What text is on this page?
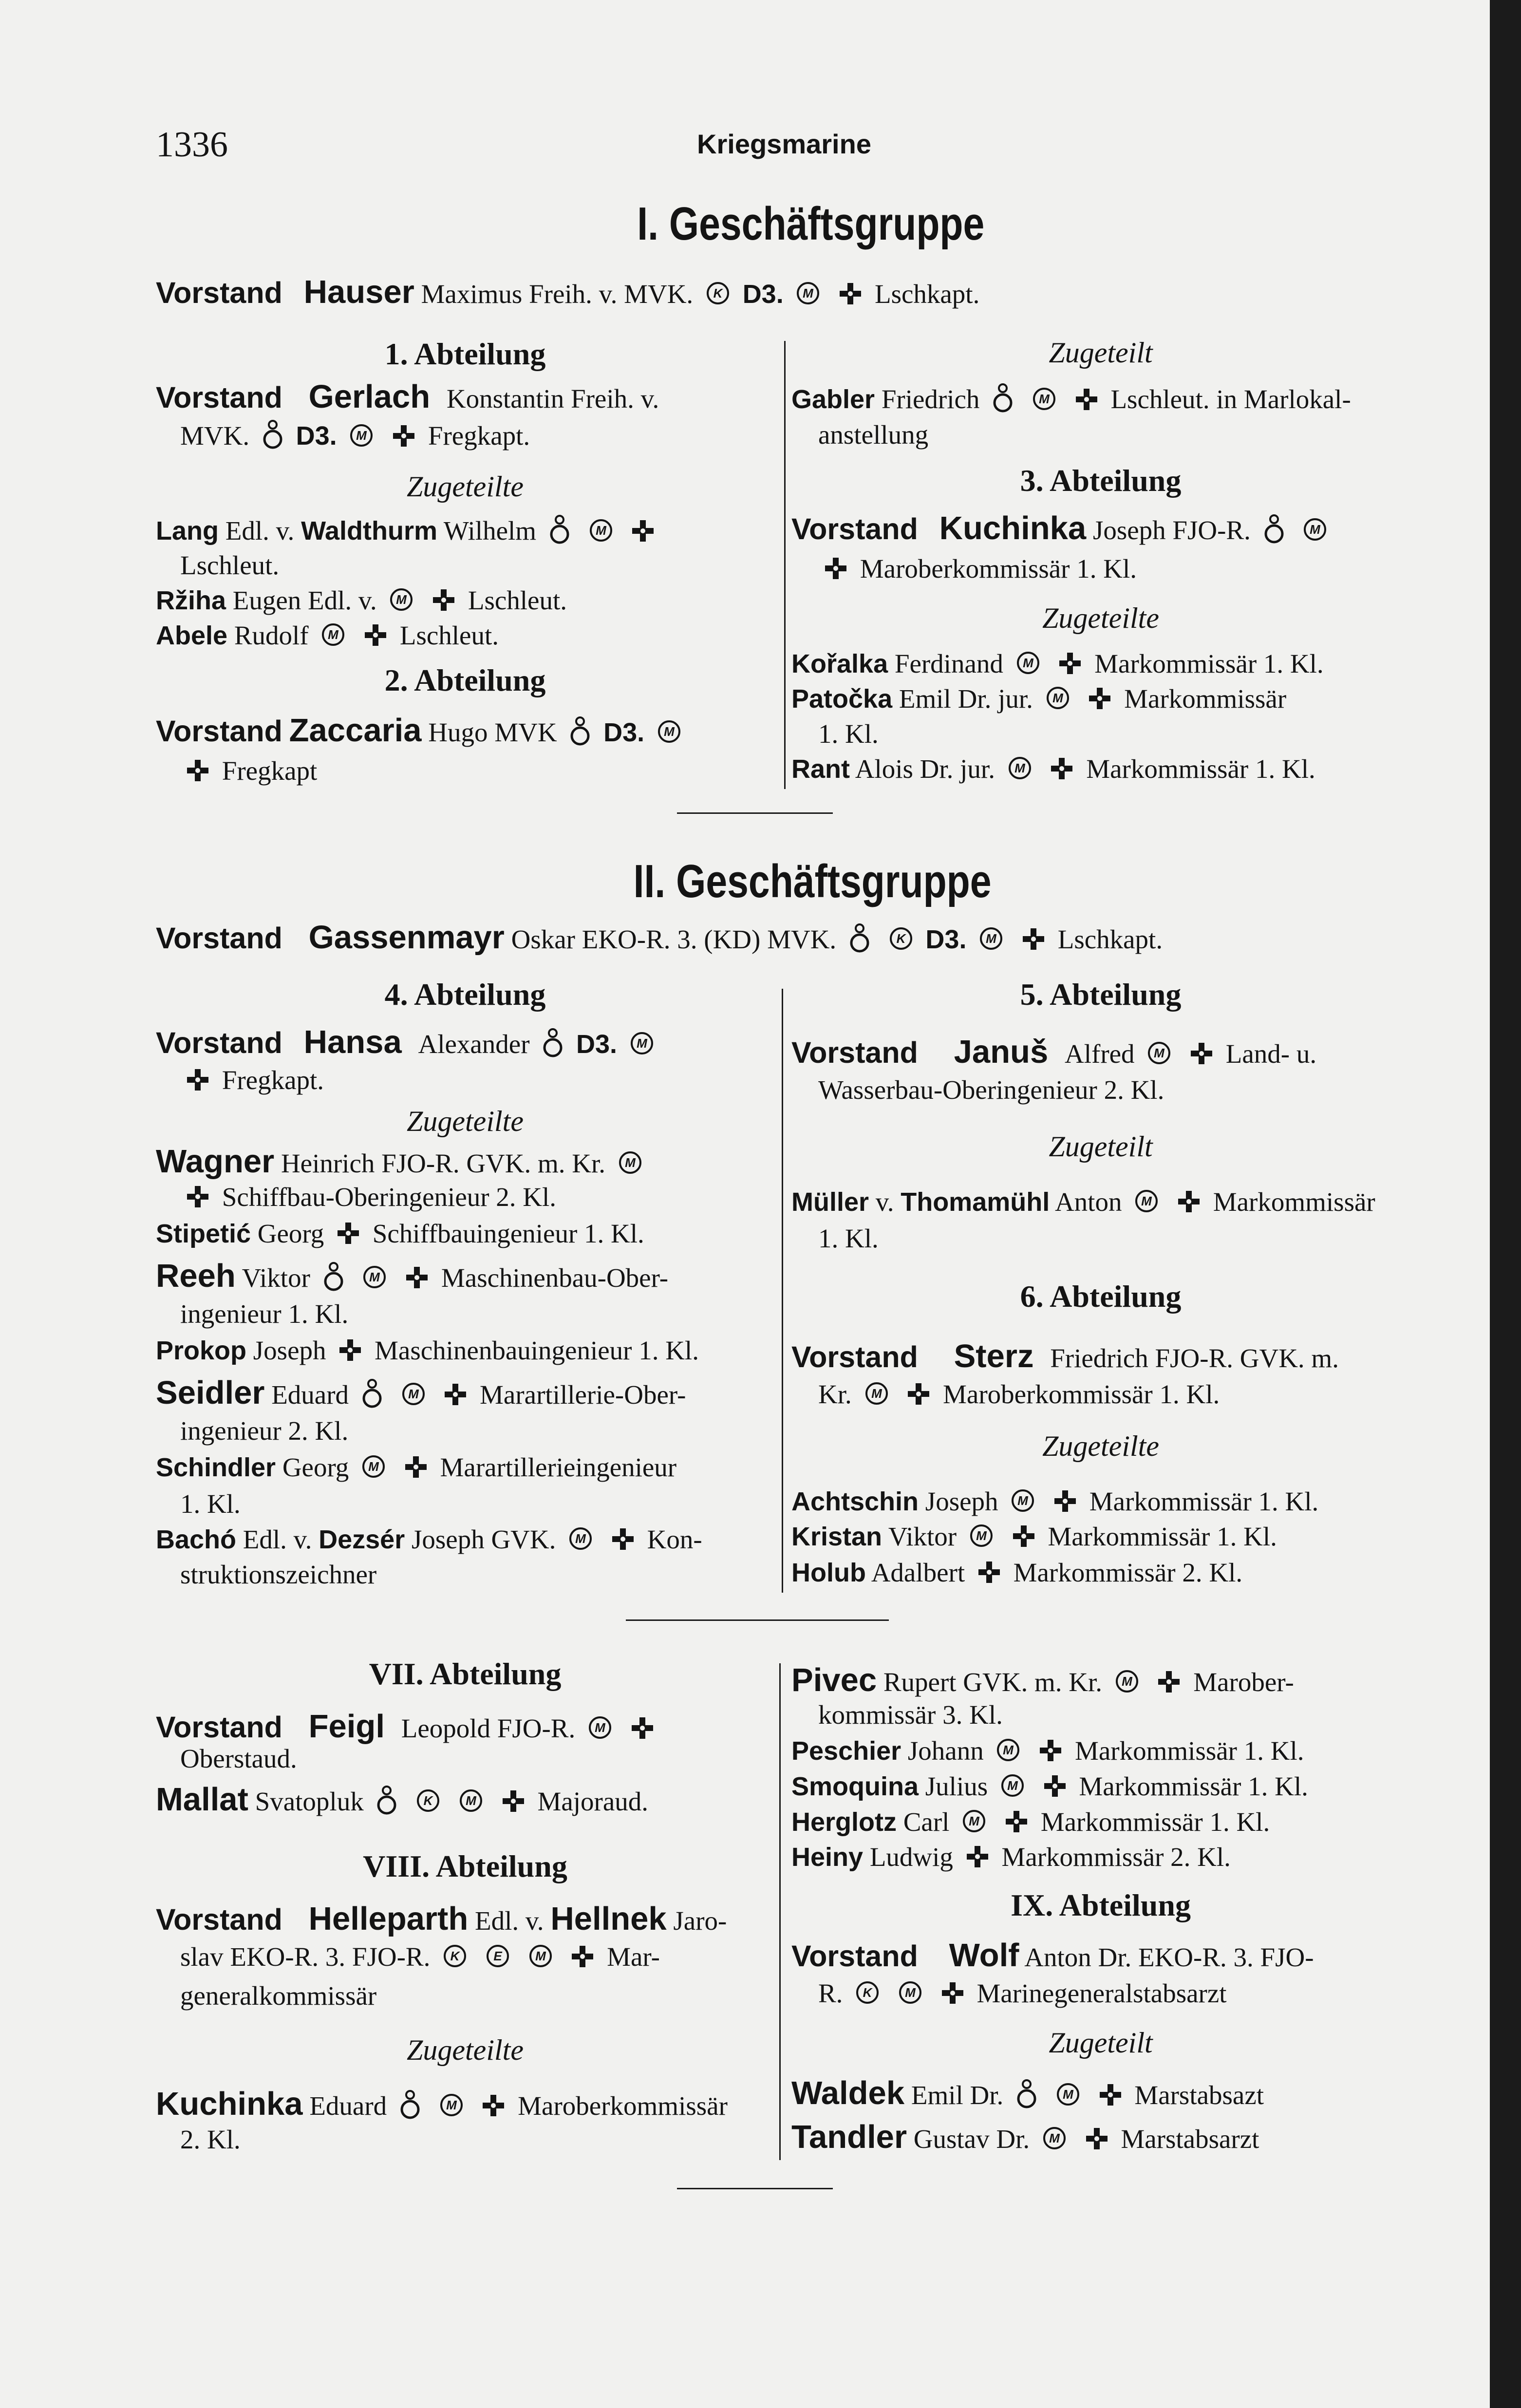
1336	Kriegsmarine
I. Geschäftsgruppe
Vorstand Hauser Maximus Freih. v. MVK. K D3. M Lschkapt.
1. Abteilung
Vorstand Gerlach Konstantin Freih. v.
MVK. D3. M Fregkapt.
Zugeteilte
Lang Edl. v. Waldthurm Wilhelm	M

Lschleut.
Ržiha Eugen Edl. v. M Lschleut.
Abele Rudolf M Lschleut.
2. Abteilung
Vorstand Zaccaria Hugo MVK D3. M
Fregkapt
Zugeteilt
Gabler Friedrich	M Lschleut. in Marlokal-
anstellung
3. Abteilung
Vorstand Kuchinka Joseph FJO-R.	M
Maroberkommissär 1. Kl.
Zugeteilte
Kořalka Ferdinand M Markommissär 1. Kl.
Patočka Emil Dr. jur. M Markommissär
1. Kl.
Rant Alois Dr. jur. M Markommissär 1. Kl.
II. Geschäftsgruppe
Vorstand Gassenmayr Oskar EKO-R. 3. (KD) MVK.	K D3. M Lschkapt.
4. Abteilung
Vorstand Hansa Alexander D3. M
Fregkapt.
Zugeteilte
Wagner Heinrich FJO-R. GVK. m. Kr. M
Schiffbau-Oberingenieur 2. Kl.
Stipetić Georg Schiffbauingenieur 1. Kl.
Reeh Viktor	M Maschinenbau-Ober-
ingenieur 1. Kl.
Prokop Joseph Maschinenbauingenieur 1. Kl.
Seidler Eduard	M Marartillerie-Ober-
ingenieur 2. Kl.
Schindler Georg M Marartillerieingenieur
1. Kl.
Bachó Edl. v. Dezsér Joseph GVK. M Kon-
struktionszeichner
5. Abteilung
Vorstand Januš Alfred M Land- u.
Wasserbau-Oberingenieur 2. Kl.
Zugeteilt
Müller v. Thomamühl Anton M Markommissär
1. Kl.
6. Abteilung
Vorstand Sterz Friedrich FJO-R. GVK. m.
Kr. M Maroberkommissär 1. Kl.
Zugeteilte
Achtschin Joseph M Markommissär 1. Kl.
Kristan Viktor M Markommissär 1. Kl.
Holub Adalbert Markommissär 2. Kl.
VII. Abteilung
Vorstand Feigl Leopold FJO-R. M

Oberstaud.
Mallat Svatopluk	K
	M Majoraud.
VIII. Abteilung
Vorstand Helleparth Edl. v. Hellnek Jaro-
slav EKO-R. 3. FJO-R. K
	E
	M Mar-
generalkommissär
Zugeteilte
Kuchinka Eduard	M Maroberkommissär
2. Kl.
Pivec Rupert GVK. m. Kr. M Marober-
kommissär 3. Kl.
Peschier Johann M Markommissär 1. Kl.
Smoquina Julius M Markommissär 1. Kl.
Herglotz Carl M Markommissär 1. Kl.
Heiny Ludwig Markommissär 2. Kl.
IX. Abteilung
Vorstand Wolf Anton Dr. EKO-R. 3. FJO-
R. K
	M Marinegeneralstabsarzt
Zugeteilt
Waldek Emil Dr.	M Marstabsazt
Tandler Gustav Dr. M Marstabsarzt
